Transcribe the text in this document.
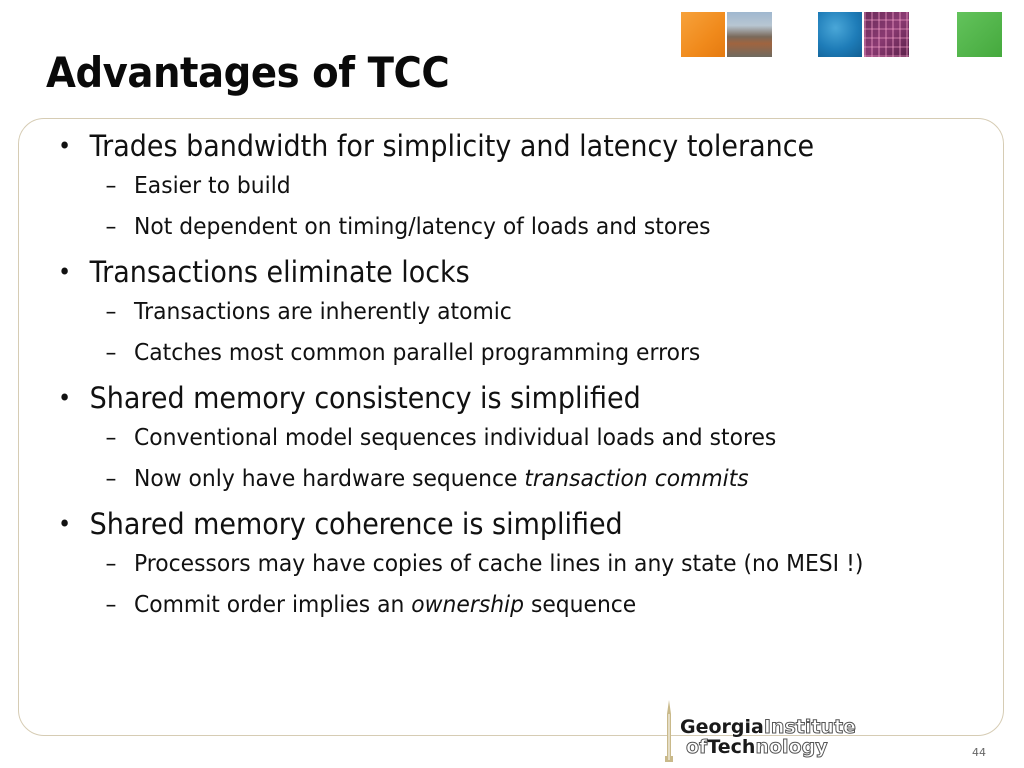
Advantages of TCC
• Trades bandwidth for simplicity and latency tolerance
– Easier to build
– Not dependent on timing/latency of loads and stores
• Transactions eliminate locks
– Transactions are inherently atomic
– Catches most common parallel programming errors
• Shared memory consistency is simplified
– Conventional model sequences individual loads and stores
– Now only have hardware sequence transaction commits
• Shared memory coherence is simplified
– Processors may have copies of cache lines in any state (no MESI !)
– Commit order implies an ownership sequence
GeorgiaInstitute
ofTechnology	44
